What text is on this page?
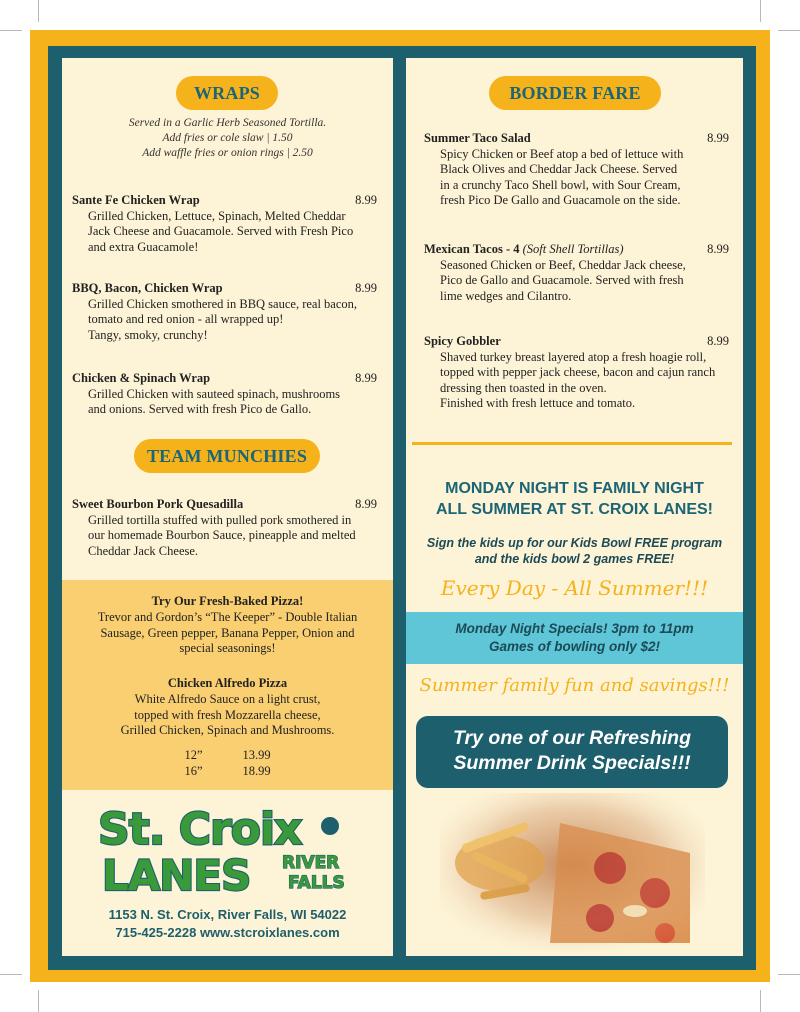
WRAPS
Served in a Garlic Herb Seasoned Tortilla.
Add fries or cole slaw | 1.50
Add waffle fries or onion rings | 2.50
Sante Fe Chicken Wrap	8.99
Grilled Chicken, Lettuce, Spinach, Melted Cheddar
Jack Cheese and Guacamole. Served with Fresh Pico
and extra Guacamole!
BBQ, Bacon, Chicken Wrap	8.99
Grilled Chicken smothered in BBQ sauce, real bacon,
tomato and red onion - all wrapped up!
Tangy, smoky, crunchy!
Chicken & Spinach Wrap	8.99
Grilled Chicken with sauteed spinach, mushrooms
and onions. Served with fresh Pico de Gallo.
TEAM MUNCHIES
Sweet Bourbon Pork Quesadilla	8.99
Grilled tortilla stuffed with pulled pork smothered in
our homemade Bourbon Sauce, pineapple and melted
Cheddar Jack Cheese.
Try Our Fresh-Baked Pizza!
Trevor and Gordon’s “The Keeper” - Double Italian
Sausage, Green pepper, Banana Pepper, Onion and
special seasonings!
Chicken Alfredo Pizza
White Alfredo Sauce on a light crust,
topped with fresh Mozzarella cheese,
Grilled Chicken, Spinach and Mushrooms.
12”	13.99
16”	18.99
St. Croix
LANES RIVER
FALLS
1153 N. St. Croix, River Falls, WI 54022
715-425-2228 www.stcroixlanes.com
BORDER FARE
Summer Taco Salad	8.99
Spicy Chicken or Beef atop a bed of lettuce with
Black Olives and Cheddar Jack Cheese. Served
in a crunchy Taco Shell bowl, with Sour Cream,
fresh Pico De Gallo and Guacamole on the side.
Mexican Tacos - 4 (Soft Shell Tortillas)	8.99
Seasoned Chicken or Beef, Cheddar Jack cheese,
Pico de Gallo and Guacamole. Served with fresh
lime wedges and Cilantro.
Spicy Gobbler	8.99
Shaved turkey breast layered atop a fresh hoagie roll,
topped with pepper jack cheese, bacon and cajun ranch
dressing then toasted in the oven.
Finished with fresh lettuce and tomato.
MONDAY NIGHT IS FAMILY NIGHT
ALL SUMMER AT ST. CROIX LANES!
Sign the kids up for our Kids Bowl FREE program
and the kids bowl 2 games FREE!
Every Day - All Summer!!!
Monday Night Specials! 3pm to 11pm
Games of bowling only $2!
Summer family fun and savings!!!
Try one of our Refreshing
Summer Drink Specials!!!
